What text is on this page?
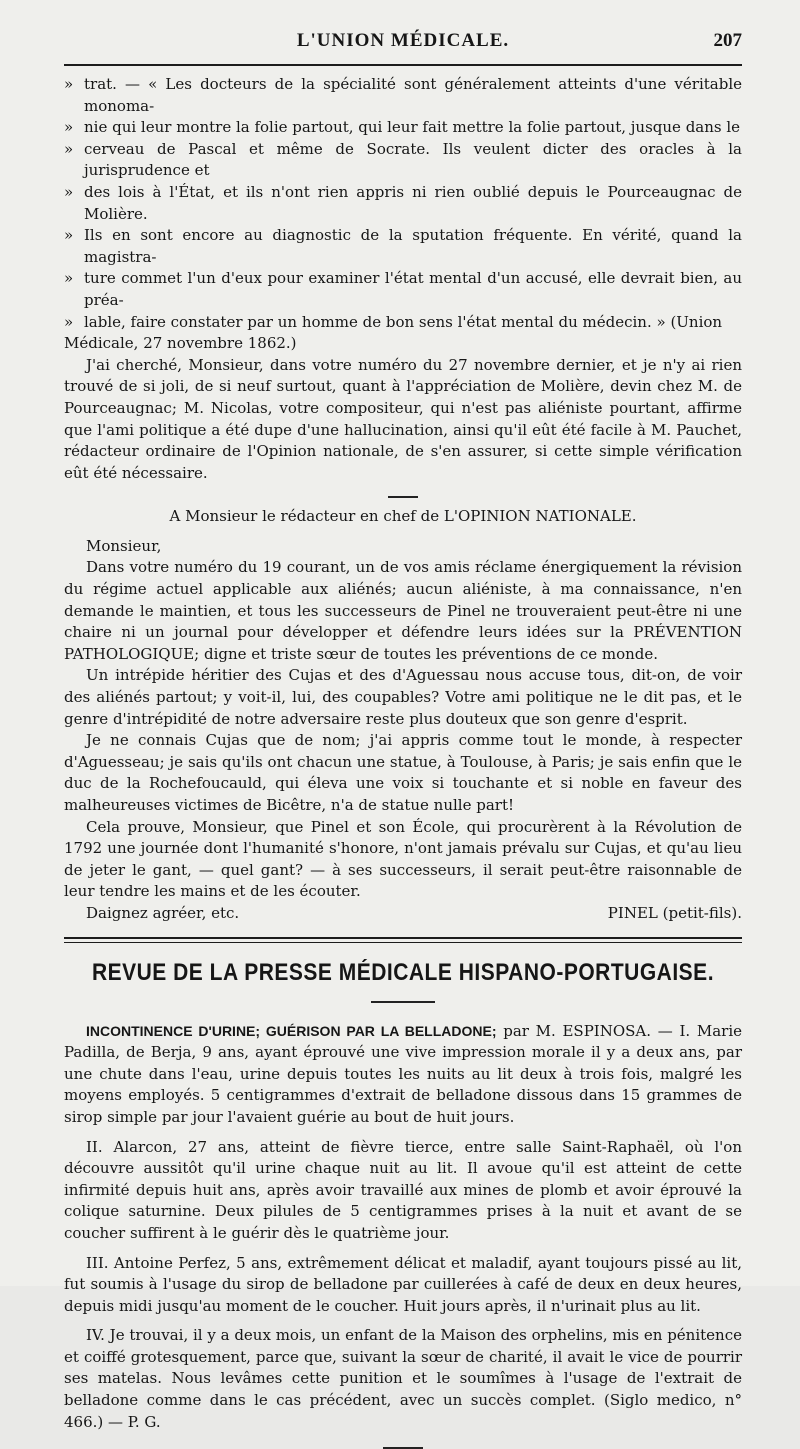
L'UNION MÉDICALE.	207

» trat. — « Les docteurs de la spécialité sont généralement atteints d'une véritable monoma-

» nie qui leur montre la folie partout, qui leur fait mettre la folie partout, jusque dans le

» cerveau de Pascal et même de Socrate. Ils veulent dicter des oracles à la jurisprudence et

» des lois à l'État, et ils n'ont rien appris ni rien oublié depuis le Pourceaugnac de Molière.

» Ils en sont encore au diagnostic de la sputation fréquente. En vérité, quand la magistra-

» ture commet l'un d'eux pour examiner l'état mental d'un accusé, elle devrait bien, au préa-

» lable, faire constater par un homme de bon sens l'état mental du médecin. » (Union

Médicale, 27 novembre 1862.)

J'ai cherché, Monsieur, dans votre numéro du 27 novembre dernier, et je n'y ai rien trouvé de si joli, de si neuf surtout, quant à l'appréciation de Molière, devin chez M. de Pourceaugnac; M. Nicolas, votre compositeur, qui n'est pas aliéniste pourtant, affirme que l'ami politique a été dupe d'une hallucination, ainsi qu'il eût été facile à M. Pauchet, rédacteur ordinaire de l'Opinion nationale, de s'en assurer, si cette simple vérification eût été nécessaire.

A Monsieur le rédacteur en chef de L'OPINION NATIONALE.

Monsieur,

Dans votre numéro du 19 courant, un de vos amis réclame énergiquement la révision du régime actuel applicable aux aliénés; aucun aliéniste, à ma connaissance, n'en demande le maintien, et tous les successeurs de Pinel ne trouveraient peut-être ni une chaire ni un journal pour développer et défendre leurs idées sur la PRÉVENTION PATHOLOGIQUE; digne et triste sœur de toutes les préventions de ce monde.

Un intrépide héritier des Cujas et des d'Aguessau nous accuse tous, dit-on, de voir des aliénés partout; y voit-il, lui, des coupables? Votre ami politique ne le dit pas, et le genre d'intrépidité de notre adversaire reste plus douteux que son genre d'esprit.

Je ne connais Cujas que de nom; j'ai appris comme tout le monde, à respecter d'Aguesseau; je sais qu'ils ont chacun une statue, à Toulouse, à Paris; je sais enfin que le duc de la Rochefoucauld, qui éleva une voix si touchante et si noble en faveur des malheureuses victimes de Bicêtre, n'a de statue nulle part!

Cela prouve, Monsieur, que Pinel et son École, qui procurèrent à la Révolution de 1792 une journée dont l'humanité s'honore, n'ont jamais prévalu sur Cujas, et qu'au lieu de jeter le gant, — quel gant? — à ses successeurs, il serait peut-être raisonnable de leur tendre les mains et de les écouter.

Daignez agréer, etc.	PINEL (petit-fils).

REVUE DE LA PRESSE MÉDICALE HISPANO-PORTUGAISE.

INCONTINENCE D'URINE; GUÉRISON PAR LA BELLADONE; par M. ESPINOSA. — I. Marie Padilla, de Berja, 9 ans, ayant éprouvé une vive impression morale il y a deux ans, par une chute dans l'eau, urine depuis toutes les nuits au lit deux à trois fois, malgré les moyens employés. 5 centigrammes d'extrait de belladone dissous dans 15 grammes de sirop simple par jour l'avaient guérie au bout de huit jours.

II. Alarcon, 27 ans, atteint de fièvre tierce, entre salle Saint-Raphaël, où l'on découvre aussitôt qu'il urine chaque nuit au lit. Il avoue qu'il est atteint de cette infirmité depuis huit ans, après avoir travaillé aux mines de plomb et avoir éprouvé la colique saturnine. Deux pilules de 5 centigrammes prises à la nuit et avant de se coucher suffirent à le guérir dès le quatrième jour.

III. Antoine Perfez, 5 ans, extrêmement délicat et maladif, ayant toujours pissé au lit, fut soumis à l'usage du sirop de belladone par cuillerées à café de deux en deux heures, depuis midi jusqu'au moment de le coucher. Huit jours après, il n'urinait plus au lit.

IV. Je trouvai, il y a deux mois, un enfant de la Maison des orphelins, mis en pénitence et coiffé grotesquement, parce que, suivant la sœur de charité, il avait le vice de pourrir ses matelas. Nous levâmes cette punition et le soumîmes à l'usage de l'extrait de belladone comme dans le cas précédent, avec un succès complet. (Siglo medico, n° 466.) — P. G.
